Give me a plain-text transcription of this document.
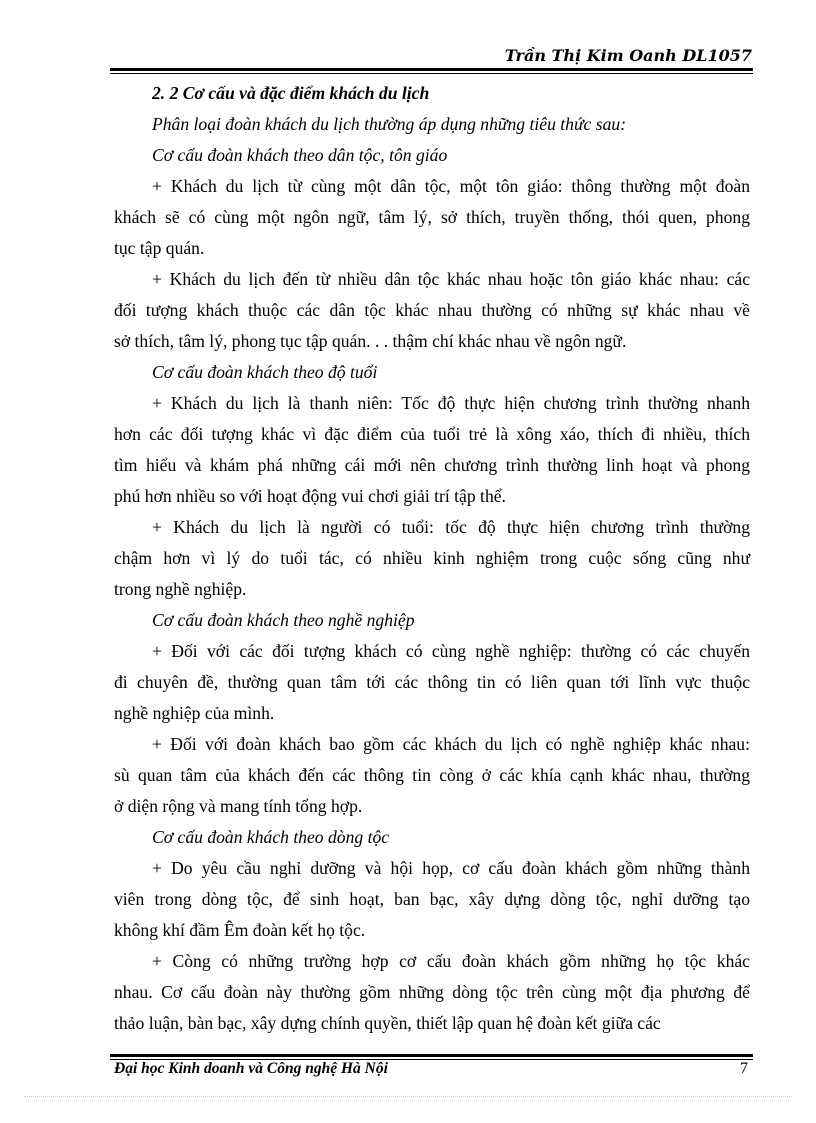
Trần Thị Kim Oanh DL1057
2. 2 Cơ cấu và đặc điểm khách du lịch
Phân loại đoàn khách du lịch thường áp dụng những tiêu thức sau:
Cơ cấu đoàn khách theo dân tộc, tôn giáo
+ Khách du lịch từ cùng một dân tộc, một tôn giáo: thông thường một đoàn
khách sẽ có cùng một ngôn ngữ, tâm lý, sở thích, truyền thống, thói quen, phong
tục tập quán.
+ Khách du lịch đến từ nhiều dân tộc khác nhau hoặc tôn giáo khác nhau: các
đối tượng khách thuộc các dân tộc khác nhau thường có những sự khác nhau về
sở thích, tâm lý, phong tục tập quán. . . thậm chí khác nhau về ngôn ngữ.
Cơ cấu đoàn khách theo độ tuổi
+ Khách du lịch là thanh niên: Tốc độ thực hiện chương trình thường nhanh
hơn các đối tượng khác vì đặc điểm của tuổi trẻ là xông xáo, thích đi nhiều, thích
tìm hiểu và khám phá những cái mới nên chương trình thường linh hoạt và phong
phú hơn nhiều so với hoạt động vui chơi giải trí tập thể.
+ Khách du lịch là người có tuổi: tốc độ thực hiện chương trình thường
chậm hơn vì lý do tuổi tác, có nhiều kinh nghiệm trong cuộc sống cũng như
trong nghề nghiệp.
Cơ cấu đoàn khách theo nghề nghiệp
+ Đối với các đối tượng khách có cùng nghề nghiệp: thường có các chuyến
đi chuyên đề, thường quan tâm tới các thông tin có liên quan tới lĩnh vực thuộc
nghề nghiệp của mình.
+ Đối với đoàn khách bao gồm các khách du lịch có nghề nghiệp khác nhau:
sù quan tâm của khách đến các thông tin còng ở các khía cạnh khác nhau, thường
ở diện rộng và mang tính tổng hợp.
Cơ cấu đoàn khách theo dòng tộc
+ Do yêu cầu nghỉ dưỡng và hội họp, cơ cấu đoàn khách gồm những thành
viên trong dòng tộc, để sinh hoạt, ban bạc, xây dựng dòng tộc, nghỉ dưỡng tạo
không khí đầm Êm đoàn kết họ tộc.
+ Còng có những trường hợp cơ cấu đoàn khách gồm những họ tộc khác
nhau. Cơ cấu đoàn này thường gồm những dòng tộc trên cùng một địa phương để
thảo luận, bàn bạc, xây dựng chính quyền, thiết lập quan hệ đoàn kết giữa các
Đại học Kinh doanh và Công nghệ Hà Nội	7
